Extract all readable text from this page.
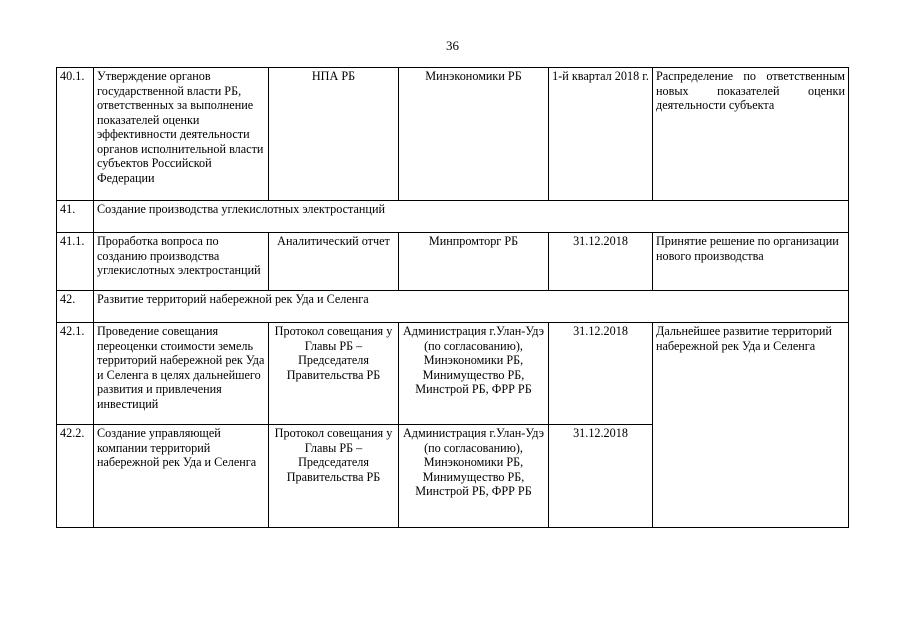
36
40.1.	Утверждение органов государственной власти РБ, ответственных за выполнение показателей оценки эффективности деятельности органов исполнительной власти субъектов Российской Федерации	НПА РБ	Минэкономики РБ	1-й квартал 2018 г.	Распределение по ответственным новых показателей оценки деятельности субъекта

41.	Создание производства углекислотных электростанций				
41.1.	Проработка вопроса по созданию производства углекислотных электростанций	Аналитический отчет	Минпромторг РБ	31.12.2018	Принятие решение по организации нового производства
42.	Развитие территорий набережной рек Уда и Селенга				
42.1.	Проведение совещания переоценки стоимости земель территорий набережной рек Уда и Селенга в целях дальнейшего развития и привлечения инвестиций	Протокол совещания у Главы РБ – Председателя Правительства РБ	Администрация г.Улан-Удэ (по согласованию), Минэкономики РБ, Минимущество РБ, Минстрой РБ, ФРР РБ	31.12.2018	Дальнейшее развитие территорий набережной рек Уда и Селенга
42.2.	Создание управляющей компании территорий набережной рек Уда и Селенга	Протокол совещания у Главы РБ – Председателя Правительства РБ	Администрация г.Улан-Удэ (по согласованию), Минэкономики РБ, Минимущество РБ, Минстрой РБ, ФРР РБ	31.12.2018	
